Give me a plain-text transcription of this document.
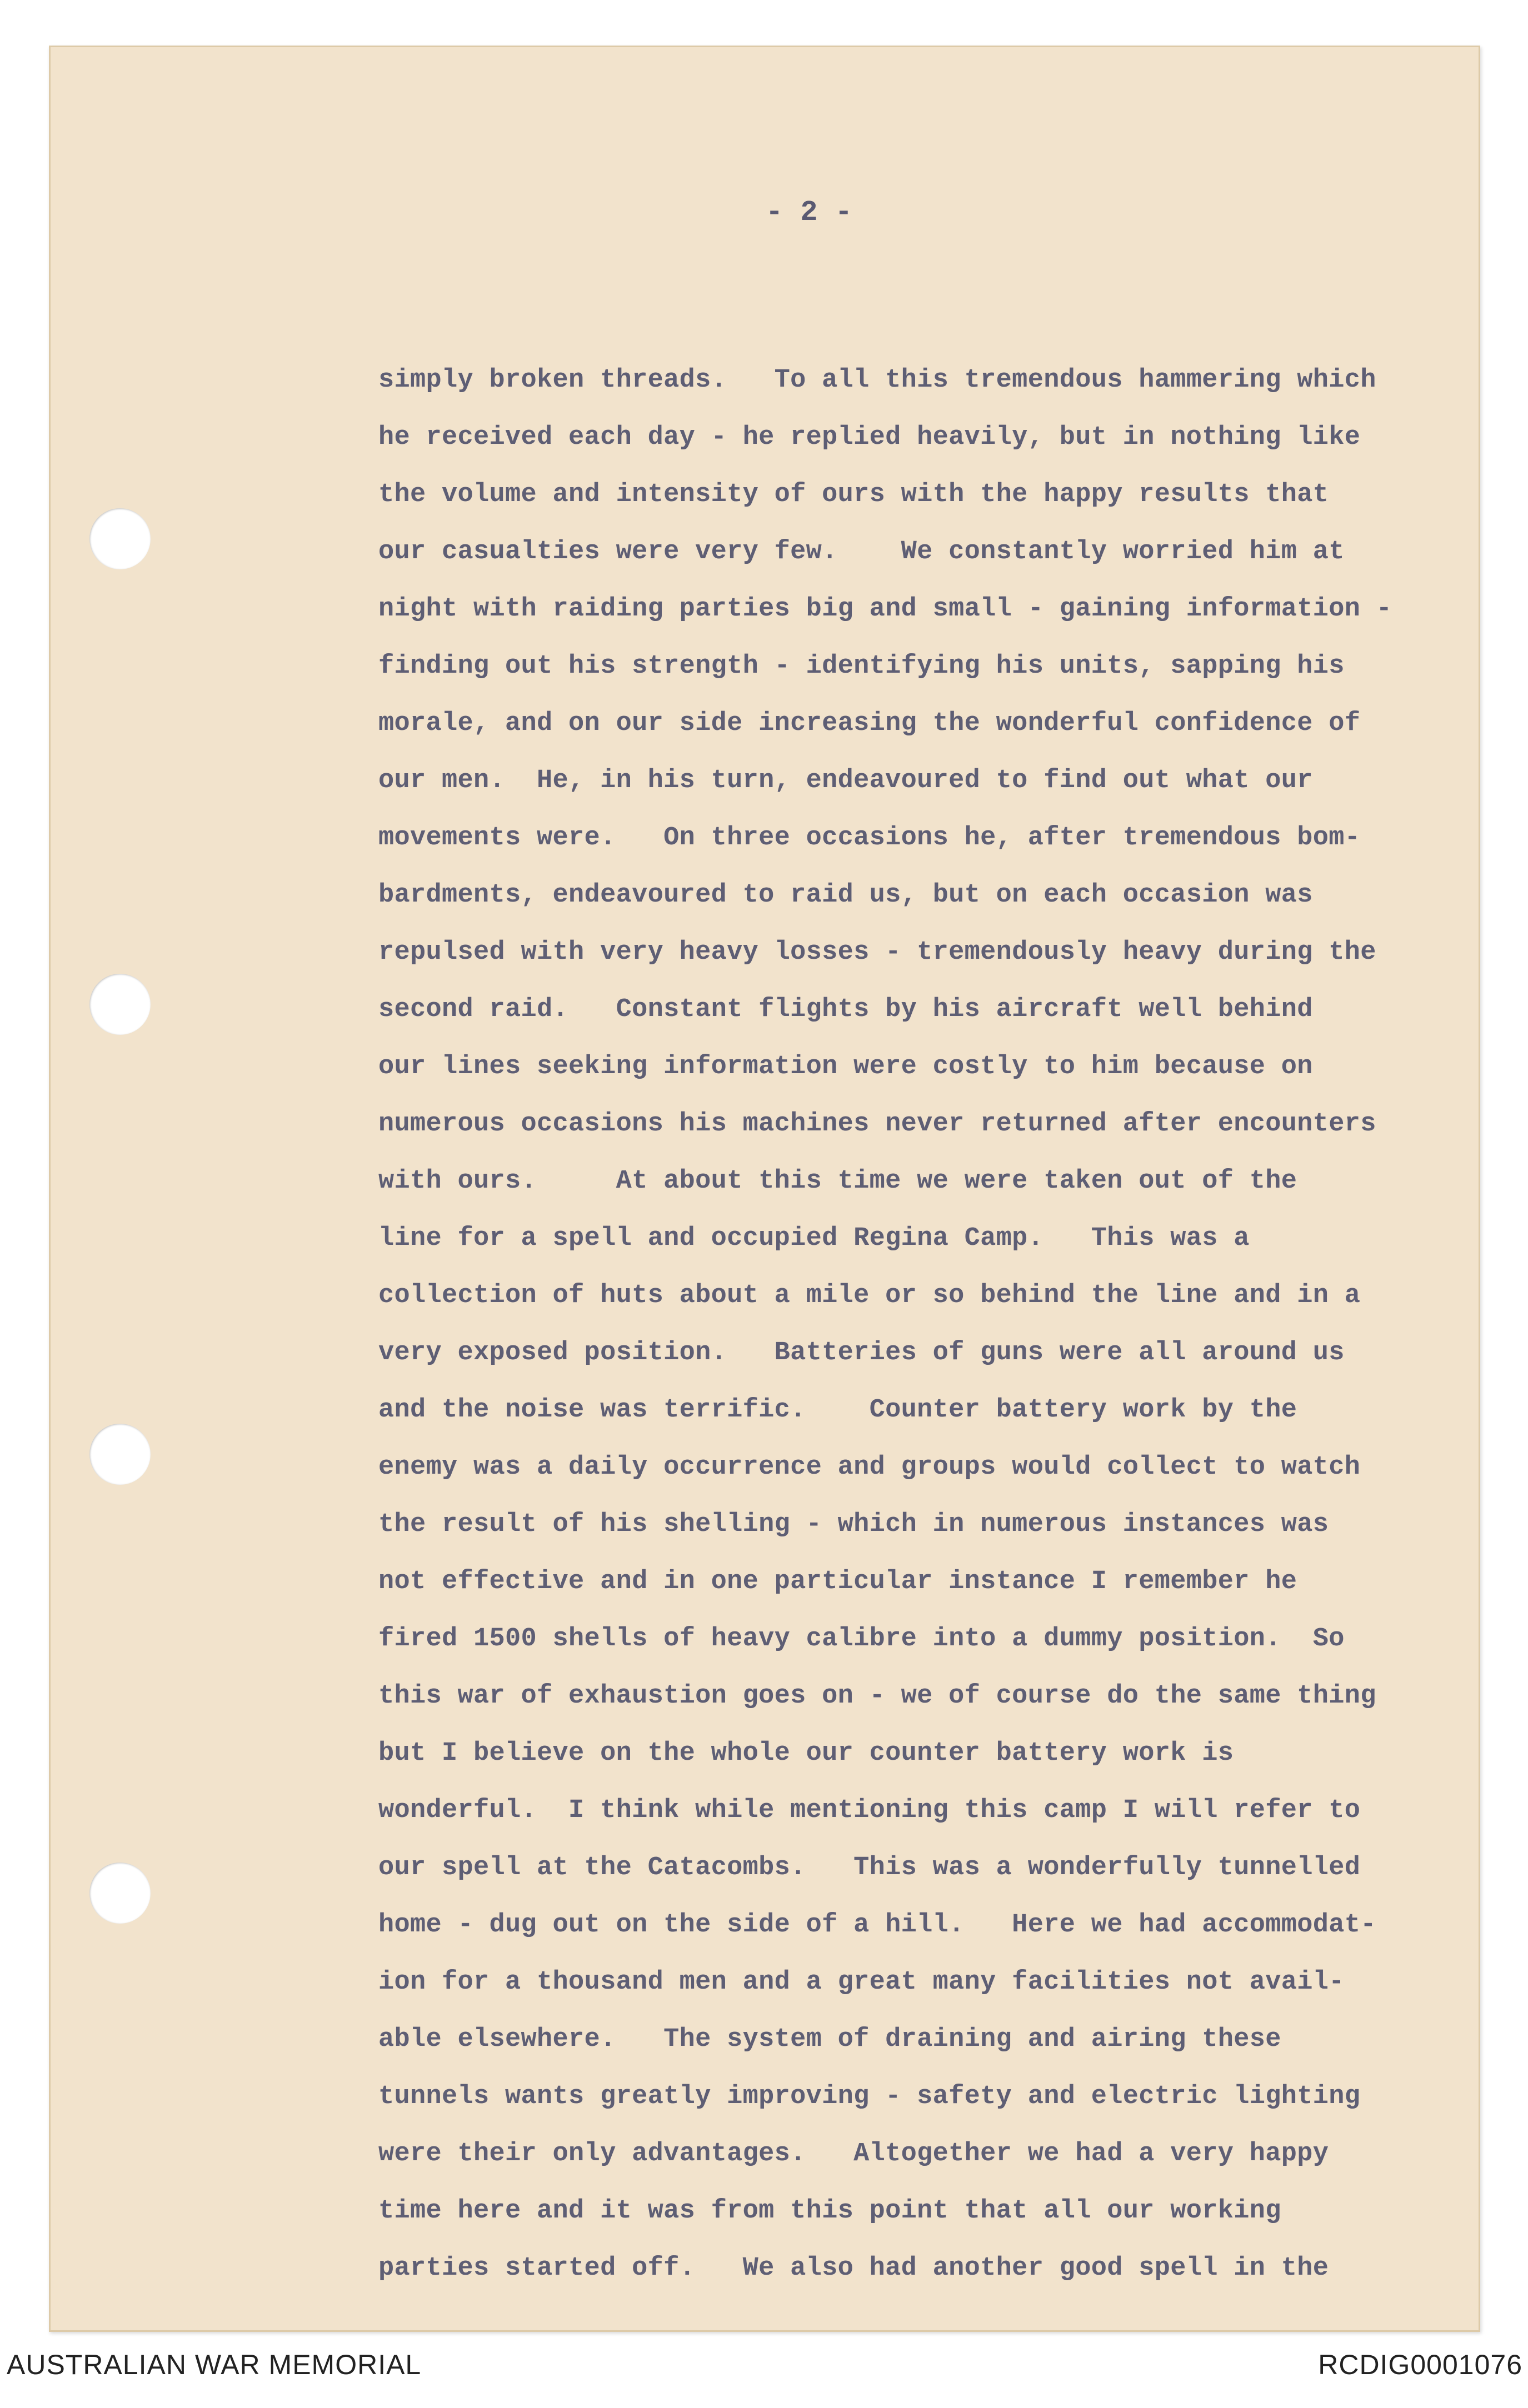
- 2 -
simply broken threads.   To all this tremendous hammering which
he received each day - he replied heavily, but in nothing like
the volume and intensity of ours with the happy results that
our casualties were very few.    We constantly worried him at
night with raiding parties big and small - gaining information -
finding out his strength - identifying his units, sapping his
morale, and on our side increasing the wonderful confidence of
our men.  He, in his turn, endeavoured to find out what our
movements were.   On three occasions he, after tremendous bom-
bardments, endeavoured to raid us, but on each occasion was
repulsed with very heavy losses - tremendously heavy during the
second raid.   Constant flights by his aircraft well behind
our lines seeking information were costly to him because on
numerous occasions his machines never returned after encounters
with ours.     At about this time we were taken out of the
line for a spell and occupied Regina Camp.   This was a
collection of huts about a mile or so behind the line and in a
very exposed position.   Batteries of guns were all around us
and the noise was terrific.    Counter battery work by the
enemy was a daily occurrence and groups would collect to watch
the result of his shelling - which in numerous instances was
not effective and in one particular instance I remember he
fired 1500 shells of heavy calibre into a dummy position.  So
this war of exhaustion goes on - we of course do the same thing
but I believe on the whole our counter battery work is
wonderful.  I think while mentioning this camp I will refer to
our spell at the Catacombs.   This was a wonderfully tunnelled
home - dug out on the side of a hill.   Here we had accommodat-
ion for a thousand men and a great many facilities not avail-
able elsewhere.   The system of draining and airing these
tunnels wants greatly improving - safety and electric lighting
were their only advantages.   Altogether we had a very happy
time here and it was from this point that all our working
parties started off.   We also had another good spell in the
AUSTRALIAN WAR MEMORIAL	RCDIG0001076
